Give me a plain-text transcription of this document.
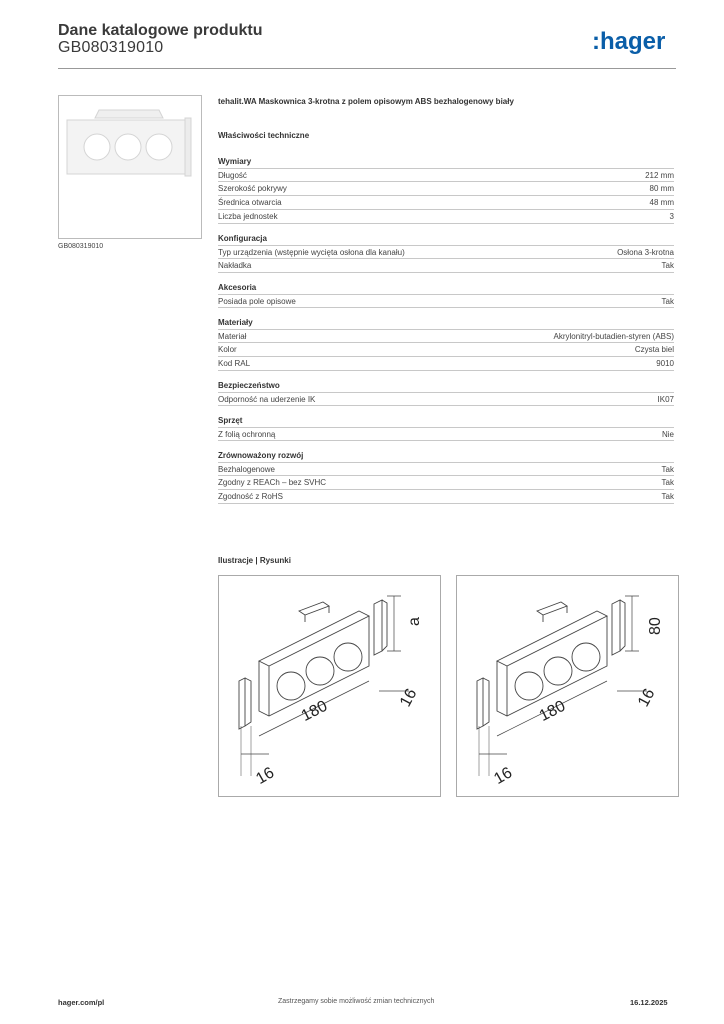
Dane katalogowe produktu
GB080319010	:hager
GB080319010
tehalit.WA Maskownica 3-krotna z polem opisowym ABS bezhalogenowy biały
Właściwości techniczne
Wymiary
Długość	212 mm
Szerokość pokrywy	80 mm
Średnica otwarcia	48 mm
Liczba jednostek	3
Konfiguracja
Typ urządzenia (wstępnie wycięta osłona dla kanału)	Osłona 3-krotna
Nakładka	Tak
Akcesoria
Posiada pole opisowe	Tak
Materiały
Materiał	Akrylonitryl-butadien-styren (ABS)
Kolor	Czysta biel
Kod RAL	9010
Bezpieczeństwo
Odporność na uderzenie IK	IK07
Sprzęt
Z folią ochronną	Nie
Zrównoważony rozwój
Bezhalogenowe	Tak
Zgodny z REACh – bez SVHC	Tak
Zgodność z RoHS	Tak
Ilustracje | Rysunki
180	16
a
16
180	16
80
16
hager.com/pl	Zastrzegamy sobie możliwość zmian technicznych	16.12.2025
